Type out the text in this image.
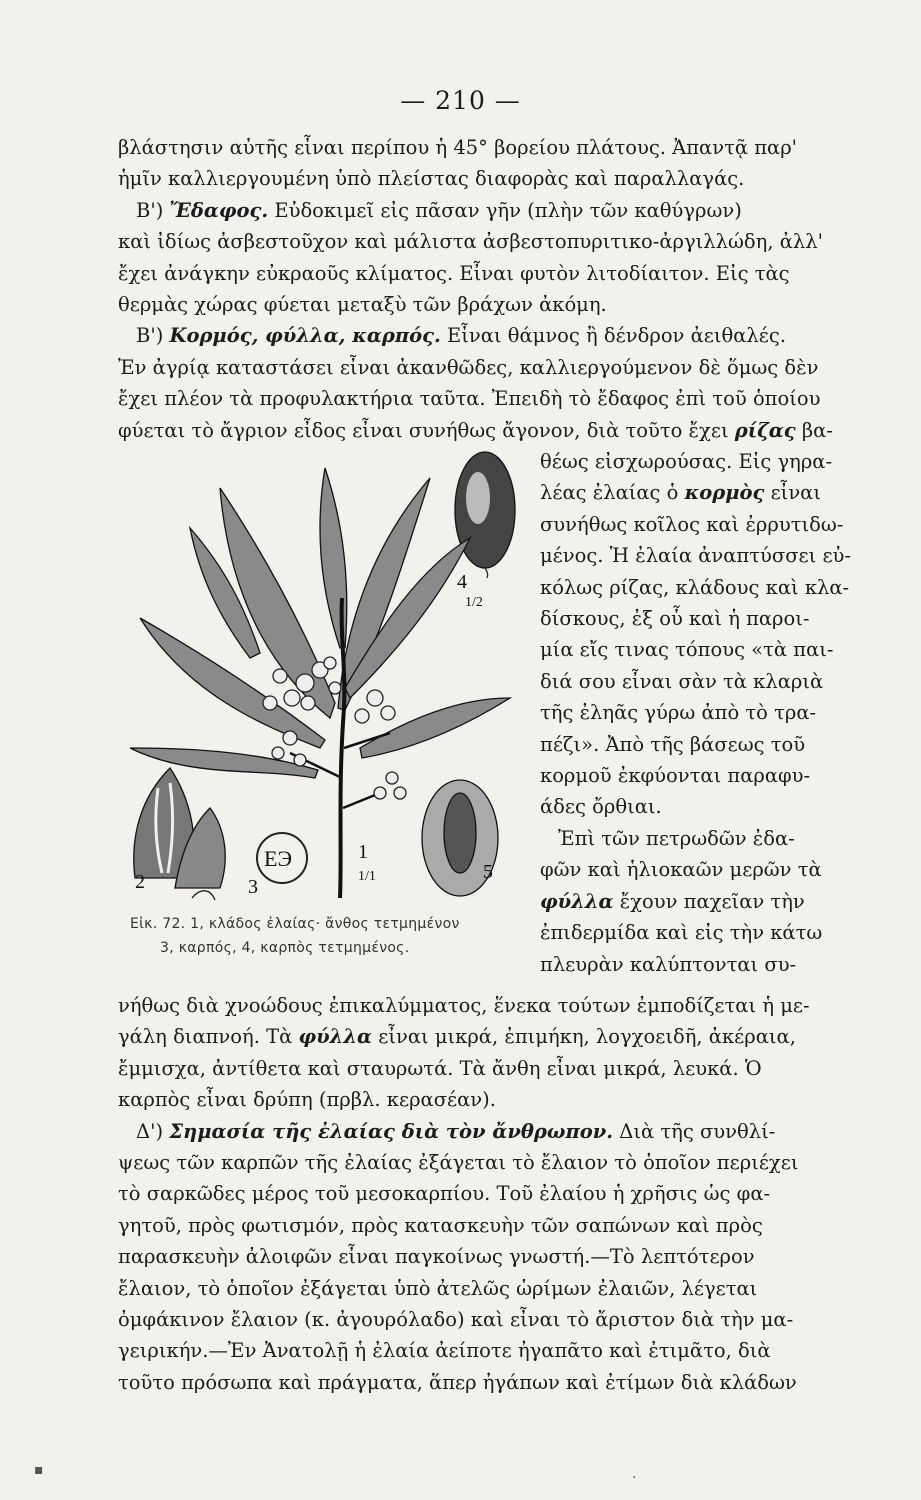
— 210 —
βλάστησιν αὐτῆς εἶναι περίπου ἡ 45° βορείου πλάτους. Ἀπαντᾷ παρ'
ἡμῖν καλλιεργουμένη ὑπὸ πλείστας διαφορὰς καὶ παραλλαγάς.
Β') Ἔδαφος. Εὐδοκιμεῖ εἰς πᾶσαν γῆν (πλὴν τῶν καθύγρων)
καὶ ἰδίως ἀσβεστοῦχον καὶ μάλιστα ἀσβεστοπυριτικο-ἀργιλλώδη, ἀλλ'
ἔχει ἀνάγκην εὐκραοῦς κλίματος. Εἶναι φυτὸν λιτοδίαιτον. Εἰς τὰς
θερμὰς χώρας φύεται μεταξὺ τῶν βράχων ἀκόμη.
Β') Κορμός, φύλλα, καρπός. Εἶναι θάμνος ἢ δένδρον ἀειθαλές.
Ἐν ἀγρίᾳ καταστάσει εἶναι ἀκανθῶδες, καλλιεργούμενον δὲ ὅμως δὲν
ἔχει πλέον τὰ προφυλακτήρια ταῦτα. Ἐπειδὴ τὸ ἔδαφος ἐπὶ τοῦ ὁποίου
φύεται τὸ ἄγριον εἶδος εἶναι συνήθως ἄγονον, διὰ τοῦτο ἔχει ρίζας βα-
θέως εἰσχωρούσας. Εἰς γηρα-
λέας ἐλαίας ὁ κορμὸς εἶναι
συνήθως κοῖλος καὶ ἐρρυτιδω-
μένος. Ἡ ἐλαία ἀναπτύσσει εὐ-
κόλως ρίζας, κλάδους καὶ κλα-
δίσκους, ἐξ οὗ καὶ ἡ παροι-
μία εἴς τινας τόπους «τὰ παι-
διά σου εἶναι σὰν τὰ κλαριὰ
τῆς ἐληᾶς γύρω ἀπὸ τὸ τρα-
πέζι». Ἀπὸ τῆς βάσεως τοῦ
κορμοῦ ἐκφύονται παραφυ-
άδες ὄρθιαι.
Ἐπὶ τῶν πετρωδῶν ἐδα-
φῶν καὶ ἡλιοκαῶν μερῶν τὰ
φύλλα ἔχουν παχεῖαν τὴν
ἐπιδερμίδα καὶ εἰς τὴν κάτω
πλευρὰν καλύπτονται συ-
4
1/2
2	3
1
1/1	5
ΕЭ
Εἰκ. 72. 1, κλάδος ἐλαίας· ἄνθος τετμημένον
3, καρπός, 4, καρπὸς τετμημένος.
νήθως διὰ χνοώδους ἐπικαλύμματος, ἕνεκα τούτων ἐμποδίζεται ἡ με-
γάλη διαπνοή. Τὰ φύλλα εἶναι μικρά, ἐπιμήκη, λογχοειδῆ, ἀκέραια,
ἔμμισχα, ἀντίθετα καὶ σταυρωτά. Τὰ ἄνθη εἶναι μικρά, λευκά. Ὁ
καρπὸς εἶναι δρύπη (πρβλ. κερασέαν).
Δ') Σημασία τῆς ἐλαίας διὰ τὸν ἄνθρωπον. Διὰ τῆς συνθλί-
ψεως τῶν καρπῶν τῆς ἐλαίας ἐξάγεται τὸ ἔλαιον τὸ ὁποῖον περιέχει
τὸ σαρκῶδες μέρος τοῦ μεσοκαρπίου. Τοῦ ἐλαίου ἡ χρῆσις ὡς φα-
γητοῦ, πρὸς φωτισμόν, πρὸς κατασκευὴν τῶν σαπώνων καὶ πρὸς
παρασκευὴν ἀλοιφῶν εἶναι παγκοίνως γνωστή.—Τὸ λεπτότερον
ἔλαιον, τὸ ὁποῖον ἐξάγεται ὑπὸ ἀτελῶς ὡρίμων ἐλαιῶν, λέγεται
ὀμφάκινον ἔλαιον (κ. ἀγουρόλαδο) καὶ εἶναι τὸ ἄριστον διὰ τὴν μα-
γειρικήν.—Ἐν Ἀνατολῇ ἡ ἐλαία ἀείποτε ἠγαπᾶτο καὶ ἐτιμᾶτο, διὰ
τοῦτο πρόσωπα καὶ πράγματα, ἅπερ ἠγάπων καὶ ἐτίμων διὰ κλάδων
▪	·
